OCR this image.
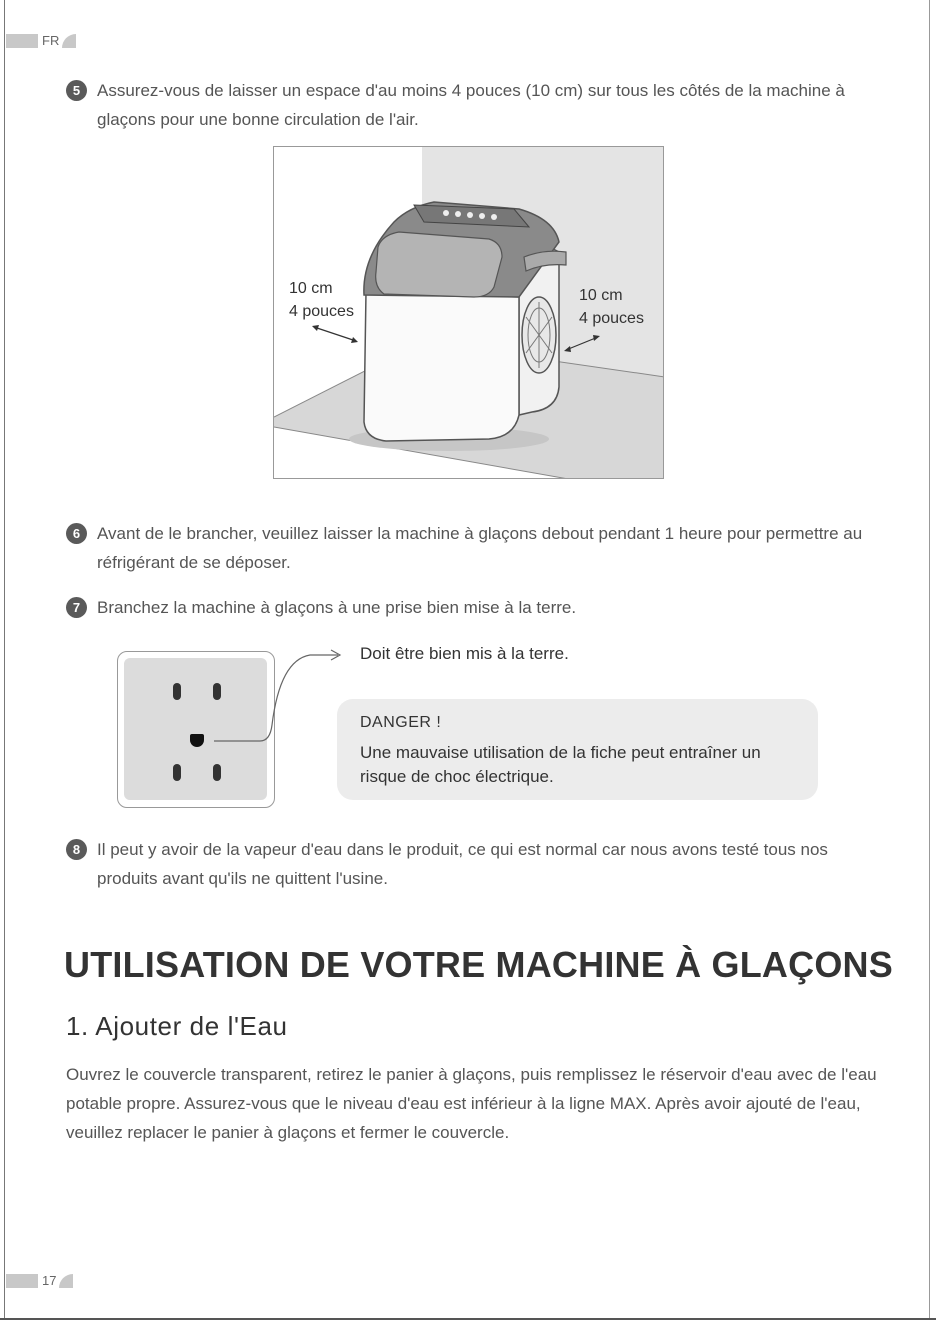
FR
5 Assurez-vous de laisser un espace d'au moins 4 pouces (10 cm) sur tous les côtés de la machine à glaçons pour une bonne circulation de l'air.
10 cm
4 pouces
10 cm
4 pouces
6 Avant de le brancher, veuillez laisser la machine à glaçons debout pendant 1 heure pour permettre au réfrigérant de se déposer.
7 Branchez la machine à glaçons à une prise bien mise à la terre.
Doit être bien mis à la terre.
DANGER !
Une mauvaise utilisation de la fiche peut entraîner un risque de choc électrique.
8 Il peut y avoir de la vapeur d'eau dans le produit, ce qui est normal car nous avons testé tous nos produits avant qu'ils ne quittent l'usine.
UTILISATION DE VOTRE MACHINE À GLAÇONS
1. Ajouter de l'Eau
Ouvrez le couvercle transparent, retirez le panier à glaçons, puis remplissez le réservoir d'eau avec de l'eau potable propre. Assurez-vous que le niveau d'eau est inférieur à la ligne MAX. Après avoir ajouté de l'eau, veuillez replacer le panier à glaçons et fermer le couvercle.
17
